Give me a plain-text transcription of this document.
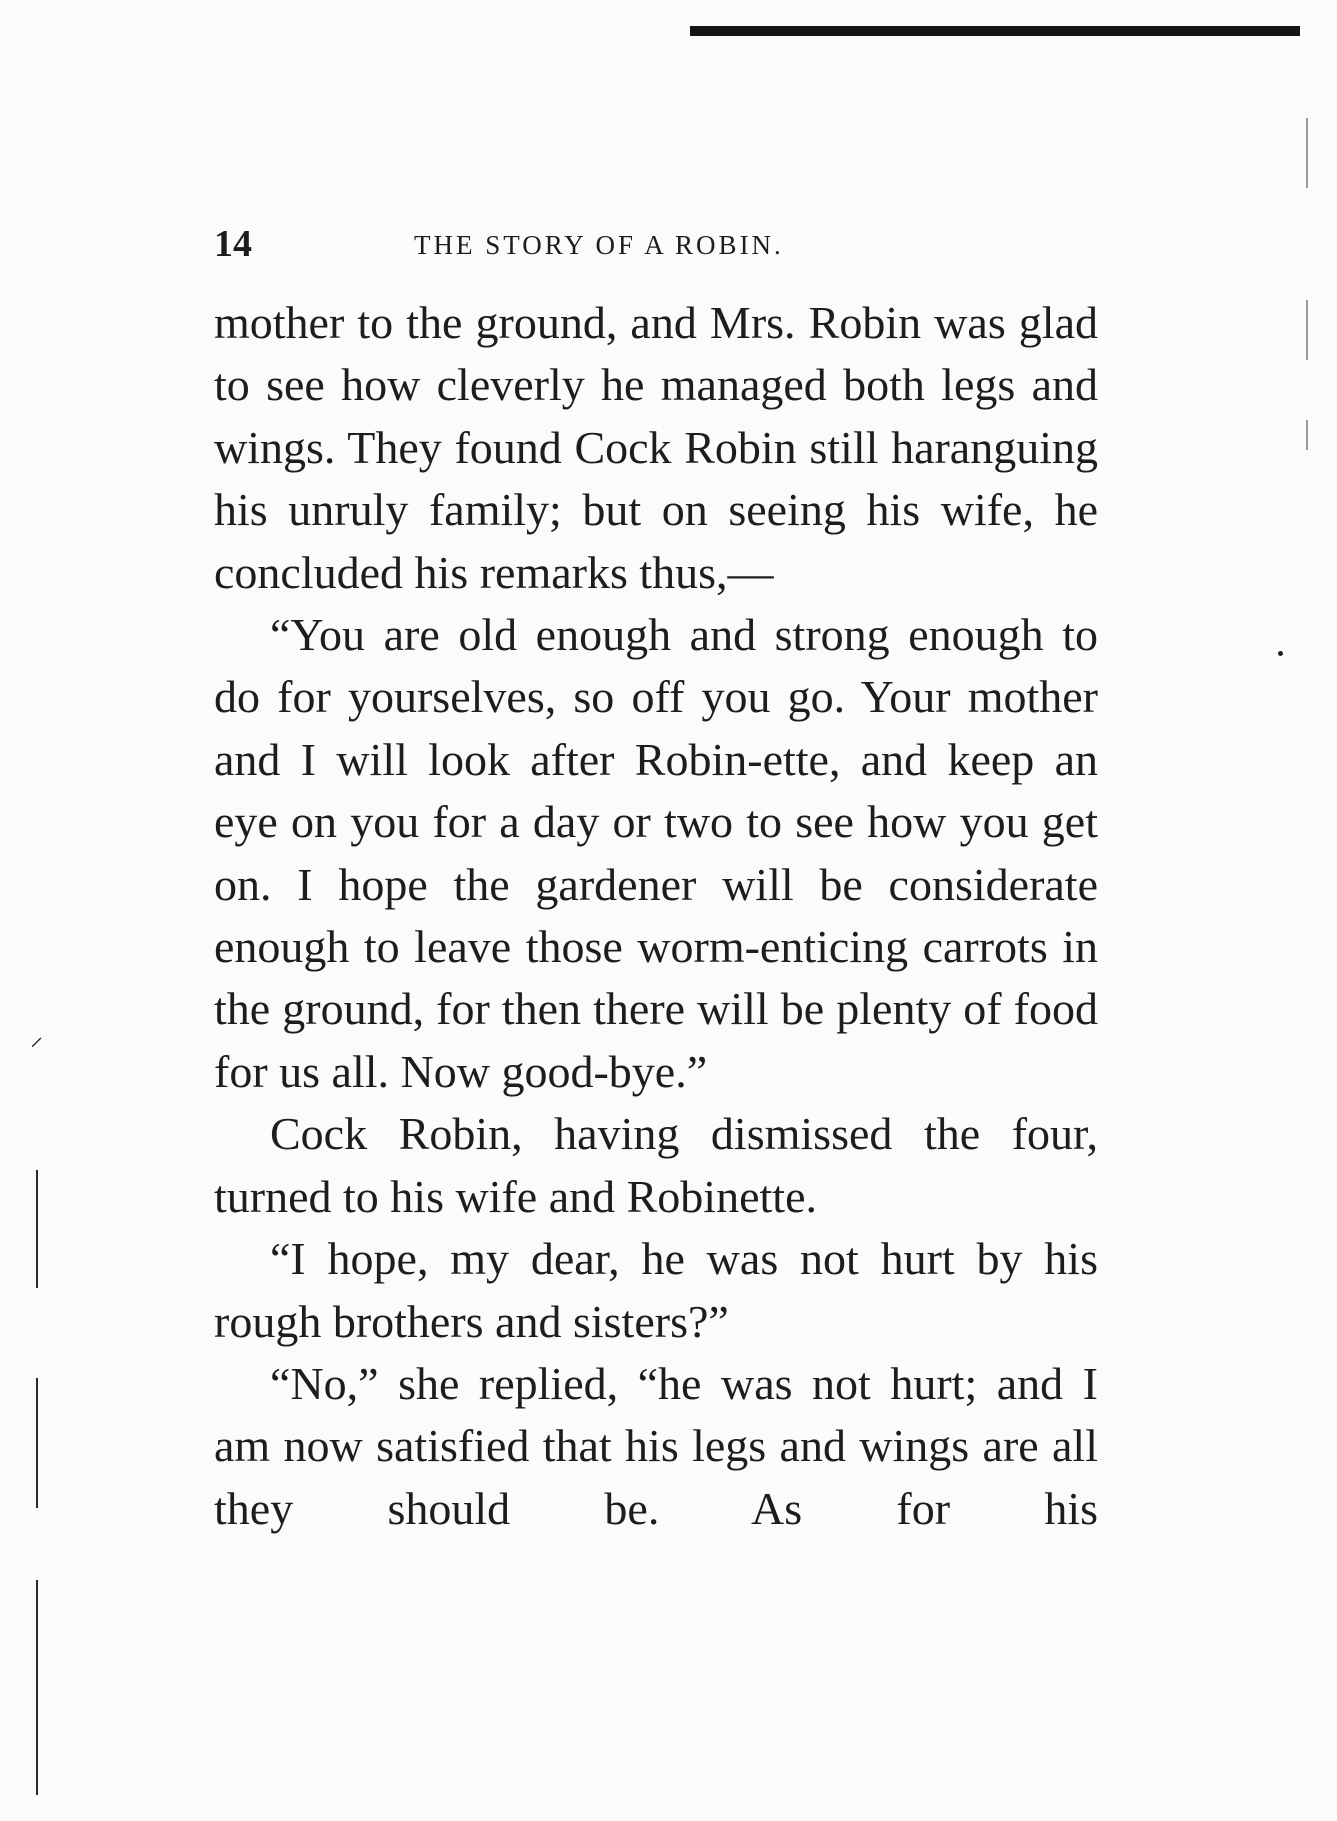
⸍
14	THE STORY OF A ROBIN.

mother to the ground, and Mrs. Robin was glad to see how cleverly he managed both legs and wings. They found Cock Robin still haranguing his unruly family; but on seeing his wife, he concluded his remarks thus,—

“You are old enough and strong enough to do for yourselves, so off you go. Your mother and I will look after Robin-ette, and keep an eye on you for a day or two to see how you get on. I hope the gardener will be considerate enough to leave those worm-enticing carrots in the ground, for then there will be plenty of food for us all. Now good-bye.”

Cock Robin, having dismissed the four, turned to his wife and Robinette.

“I hope, my dear, he was not hurt by his rough brothers and sisters?”

“No,” she replied, “he was not hurt; and I am now satisfied that his legs and wings are all they should be. As for his
